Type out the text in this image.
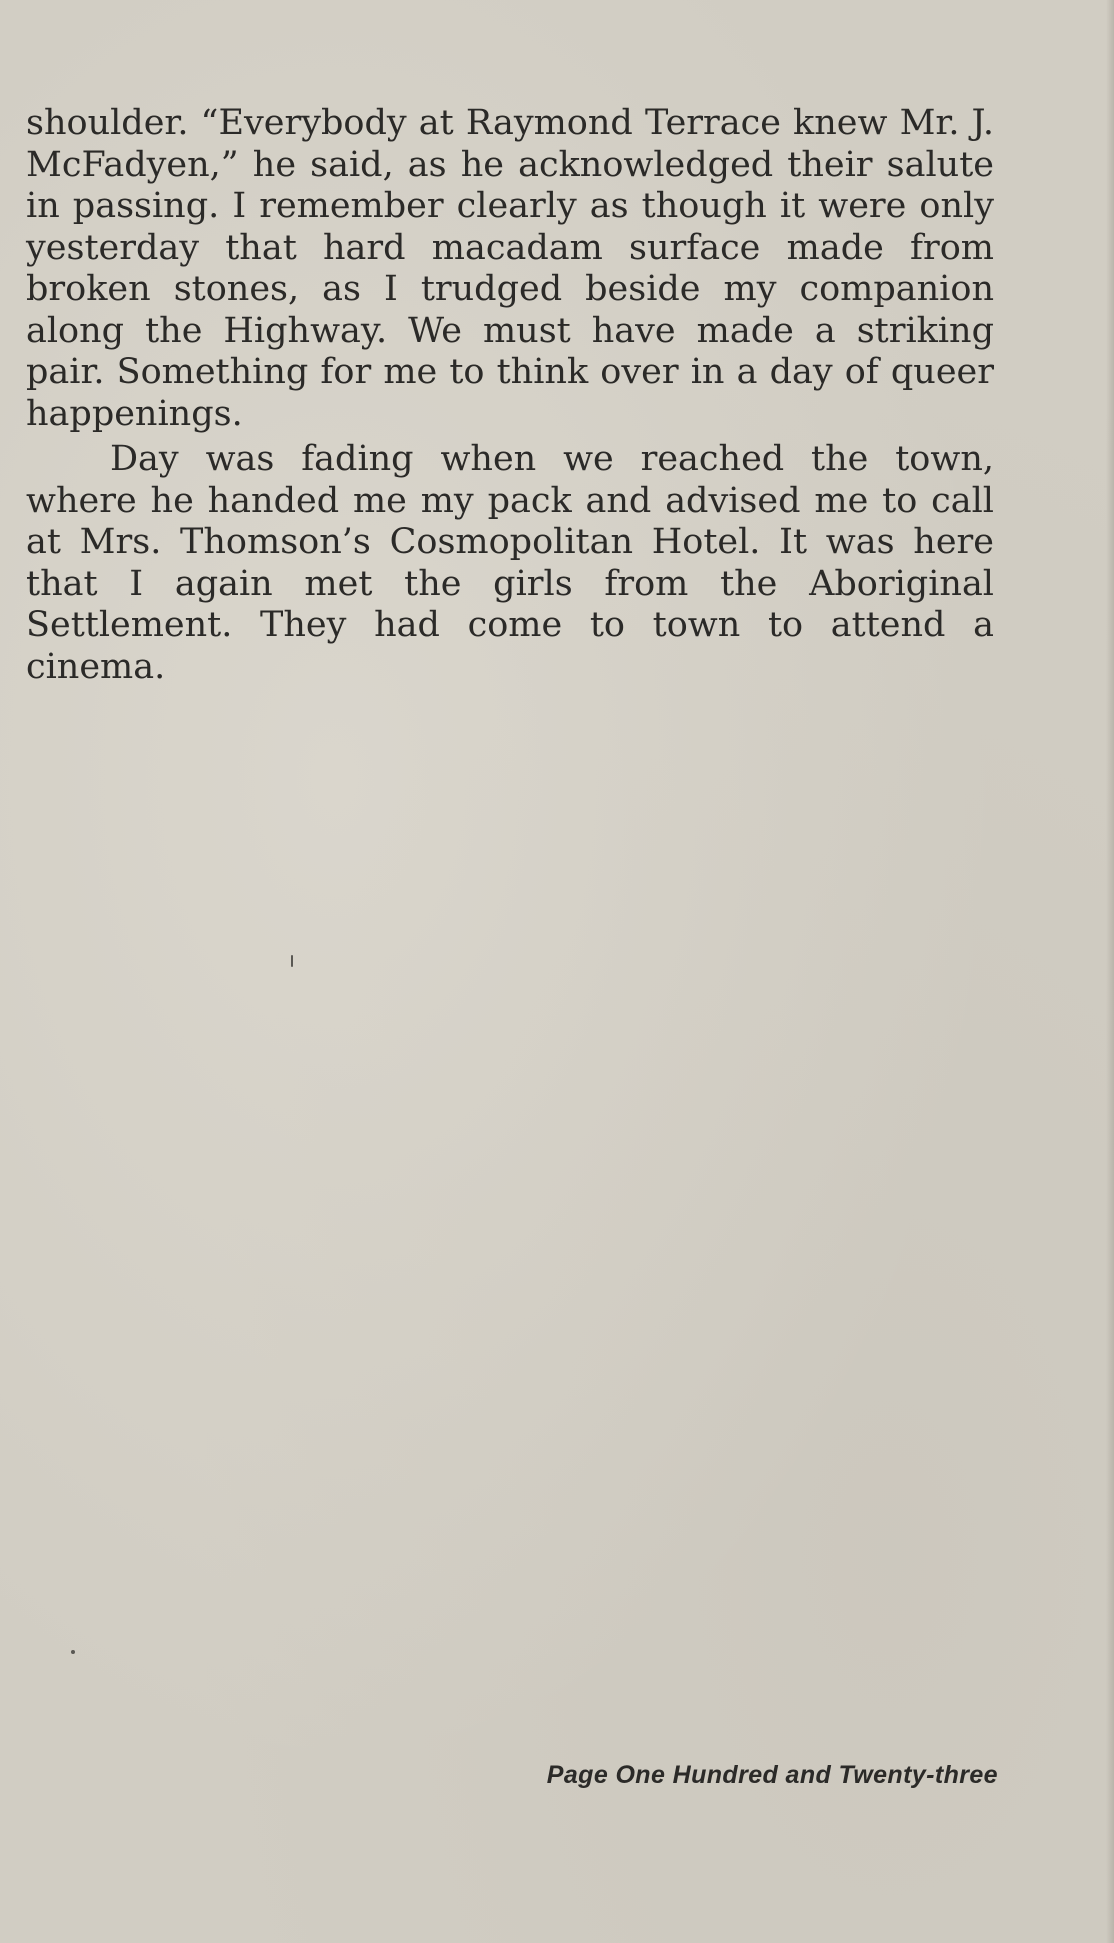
shoulder. “Everybody at Raymond Terrace knew Mr. J. McFadyen,” he said, as he acknowledged their salute in passing. I remember clearly as though it were only yesterday that hard macadam surface made from broken stones, as I trudged beside my companion along the Highway. We must have made a striking pair. Something for me to think over in a day of queer happenings.

Day was fading when we reached the town, where he handed me my pack and advised me to call at Mrs. Thomson’s Cosmopolitan Hotel. It was here that I again met the girls from the Aboriginal Settlement. They had come to town to attend a cinema.

Page One Hundred and Twenty-three
